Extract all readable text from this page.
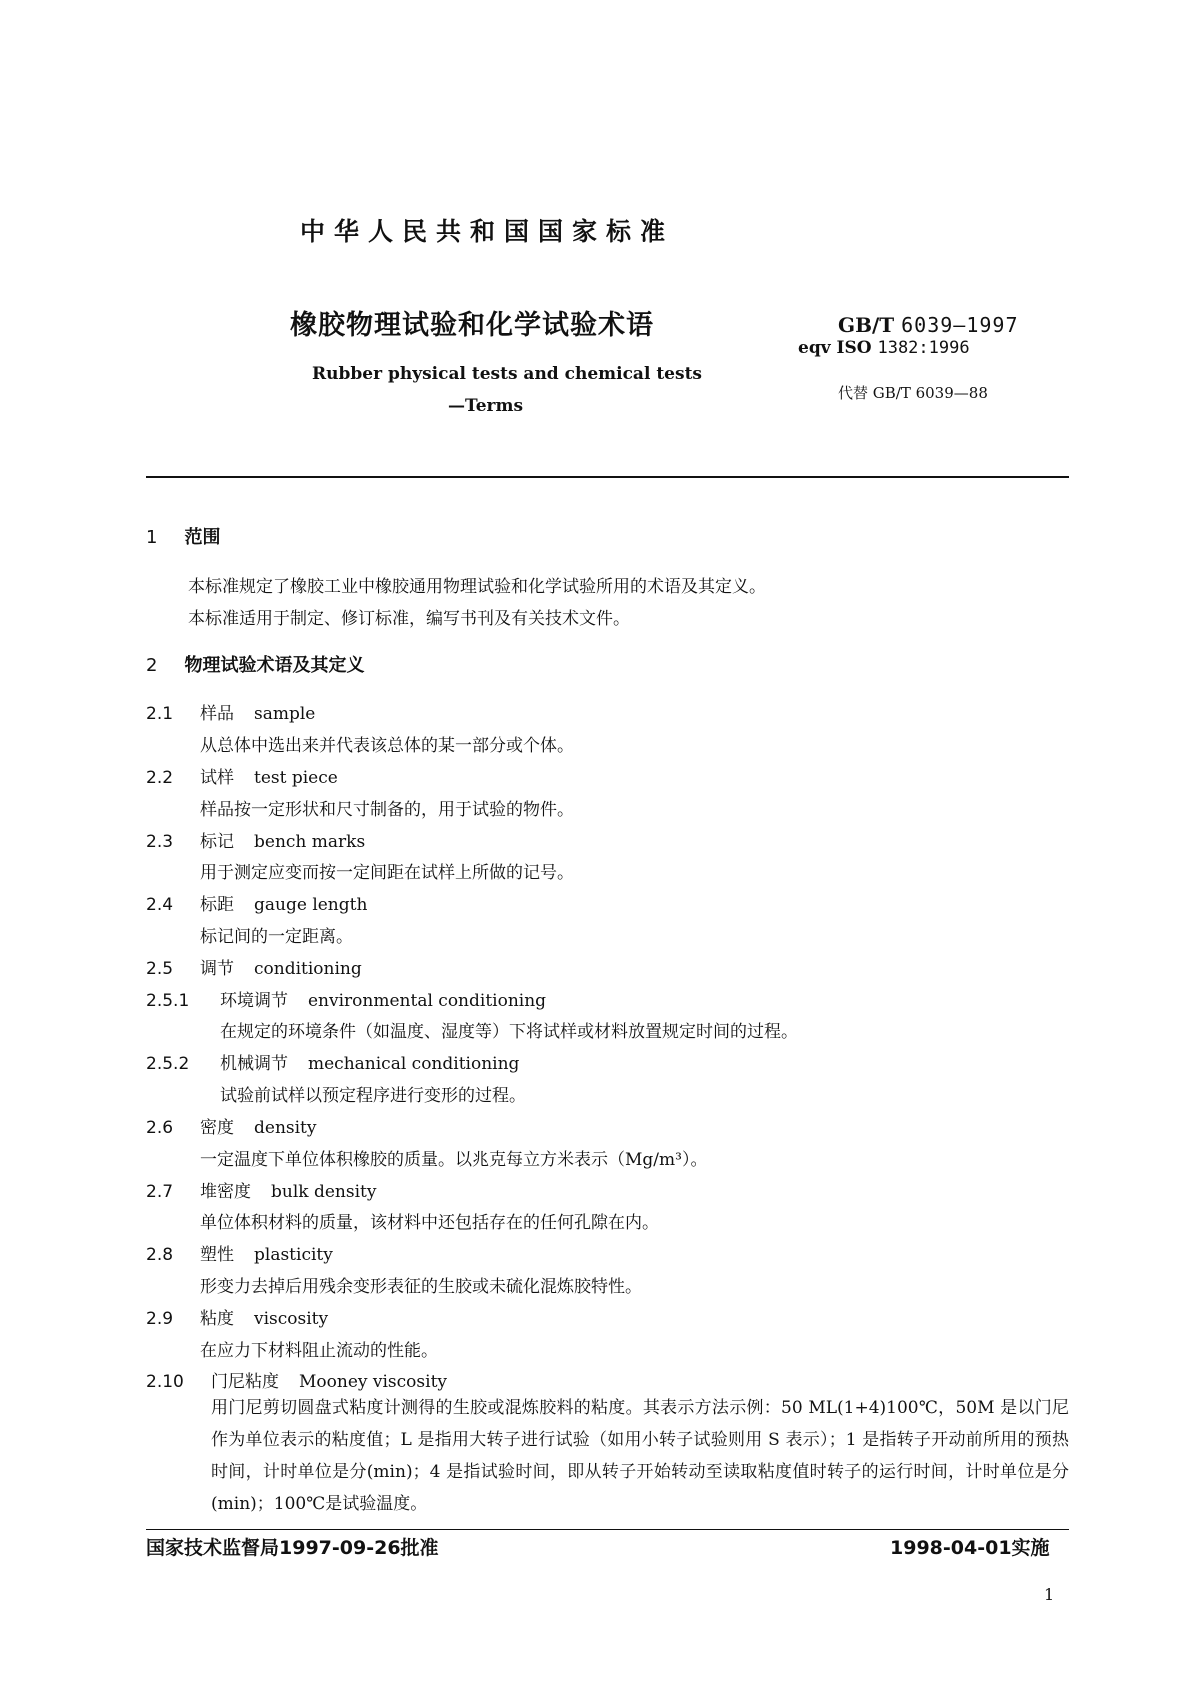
中华人民共和国国家标准
橡胶物理试验和化学试验术语
Rubber physical tests and chemical tests
—Terms
GB/T 6039—1997
eqv ISO 1382:1996
代替 GB/T 6039—88
1 范围
本标准规定了橡胶工业中橡胶通用物理试验和化学试验所用的术语及其定义。
本标准适用于制定、修订标准，编写书刊及有关技术文件。
2 物理试验术语及其定义
2.1 样品 sample
从总体中选出来并代表该总体的某一部分或个体。
2.2 试样 test piece
样品按一定形状和尺寸制备的，用于试验的物件。
2.3 标记 bench marks
用于测定应变而按一定间距在试样上所做的记号。
2.4 标距 gauge length
标记间的一定距离。
2.5 调节 conditioning
2.5.1 环境调节 environmental conditioning
在规定的环境条件（如温度、湿度等）下将试样或材料放置规定时间的过程。
2.5.2 机械调节 mechanical conditioning
试验前试样以预定程序进行变形的过程。
2.6 密度 density
一定温度下单位体积橡胶的质量。以兆克每立方米表示（Mg/m³）。
2.7 堆密度 bulk density
单位体积材料的质量，该材料中还包括存在的任何孔隙在内。
2.8 塑性 plasticity
形变力去掉后用残余变形表征的生胶或未硫化混炼胶特性。
2.9 粘度 viscosity
在应力下材料阻止流动的性能。
2.10 门尼粘度 Mooney viscosity
用门尼剪切圆盘式粘度计测得的生胶或混炼胶料的粘度。其表示方法示例：50 ML(1+4)100℃，50M 是以门尼作为单位表示的粘度值；L 是指用大转子进行试验（如用小转子试验则用 S 表示）；1 是指转子开动前所用的预热时间，计时单位是分(min)；4 是指试验时间，即从转子开始转动至读取粘度值时转子的运行时间，计时单位是分(min)；100℃是试验温度。
国家技术监督局1997-09-26批准	1998-04-01实施
1
